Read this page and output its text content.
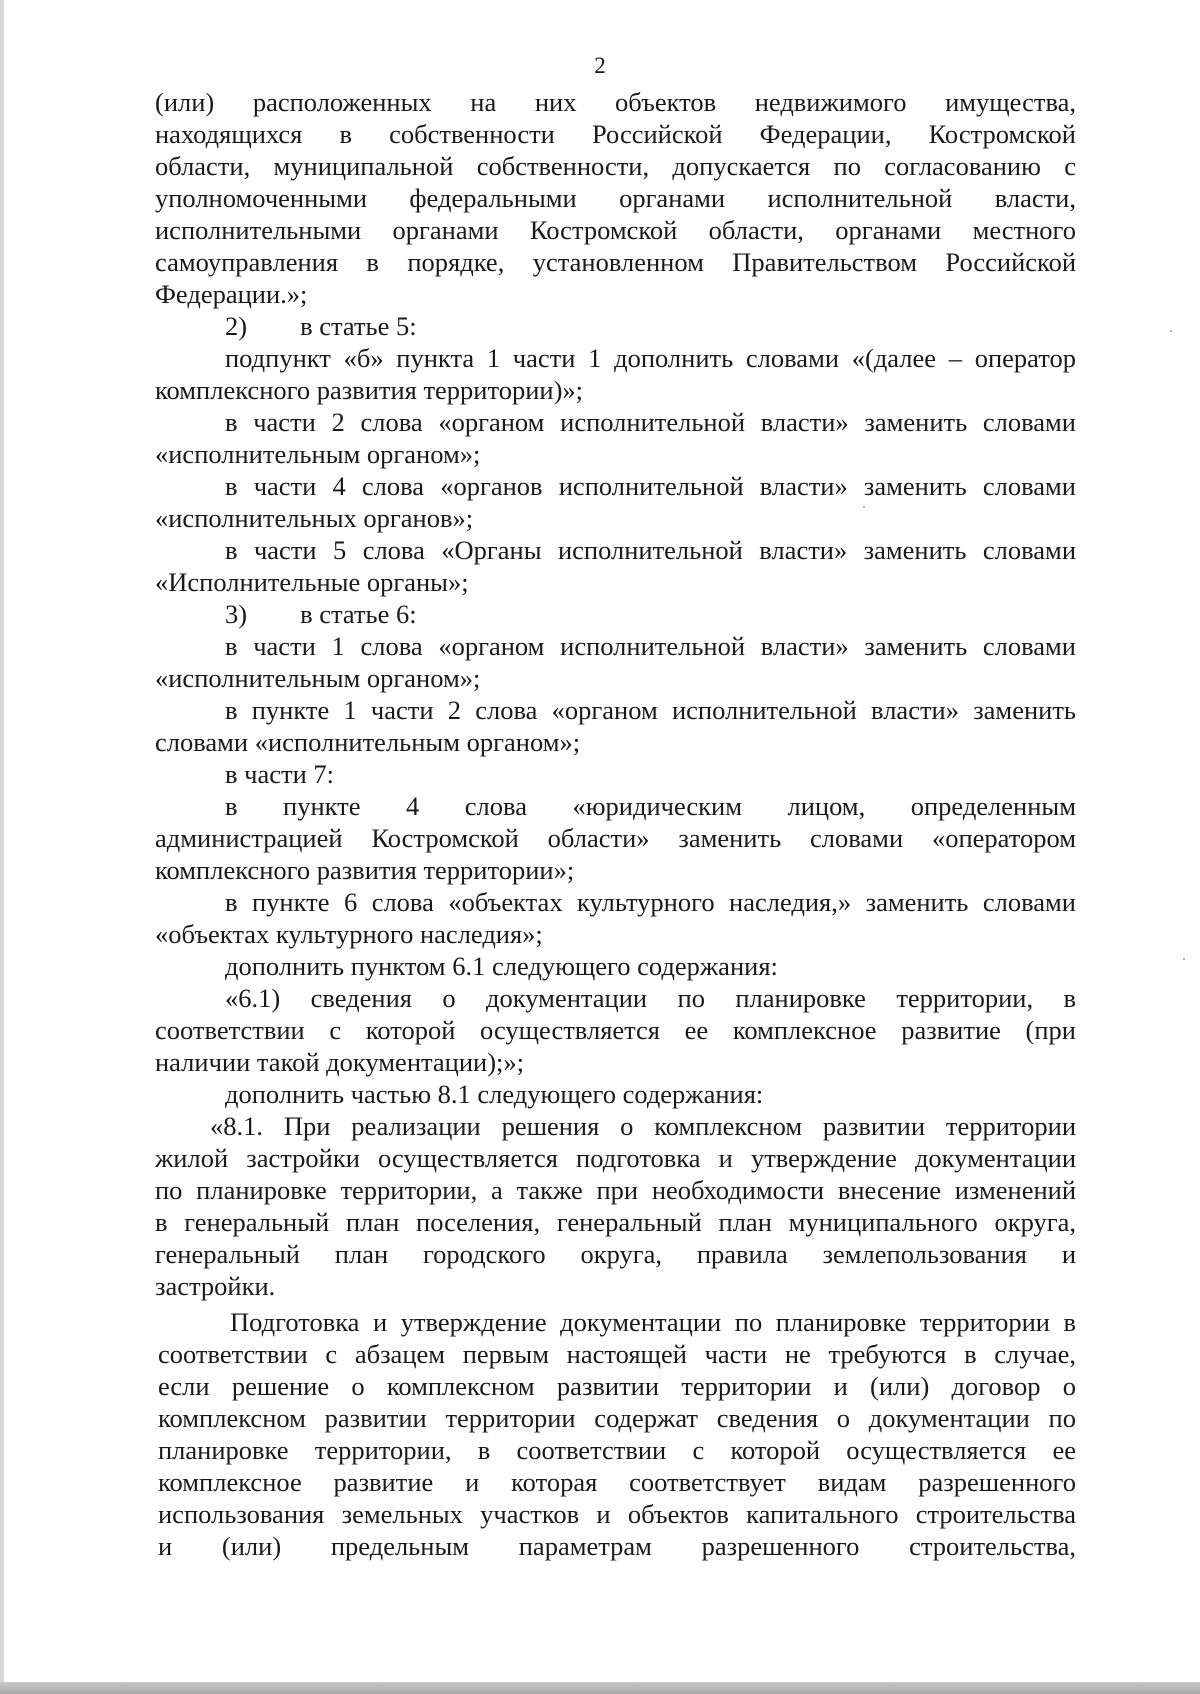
2
(или) расположенных на них объектов недвижимого имущества,
находящихся в собственности Российской Федерации, Костромской
области, муниципальной собственности, допускается по согласованию с
уполномоченными федеральными органами исполнительной власти,
исполнительными органами Костромской области, органами местного
самоуправления в порядке, установленном Правительством Российской
Федерации.»;
2)  в статье 5:
подпункт «б» пункта 1 части 1 дополнить словами «(далее – оператор
комплексного развития территории)»;
в части 2 слова «органом исполнительной власти» заменить словами
«исполнительным органом»;
в части 4 слова «органов исполнительной власти» заменить словами
«исполнительных органов»;
в части 5 слова «Органы исполнительной власти» заменить словами
«Исполнительные органы»;
3)  в статье 6:
в части 1 слова «органом исполнительной власти» заменить словами
«исполнительным органом»;
в пункте 1 части 2 слова «органом исполнительной власти» заменить
словами «исполнительным органом»;
в части 7:
в пункте 4 слова «юридическим лицом, определенным
администрацией Костромской области» заменить словами «оператором
комплексного развития территории»;
в пункте 6 слова «объектах культурного наследия,» заменить словами
«объектах культурного наследия»;
дополнить пунктом 6.1 следующего содержания:
«6.1) сведения о документации по планировке территории, в
соответствии с которой осуществляется ее комплексное развитие (при
наличии такой документации);»;
дополнить частью 8.1 следующего содержания:
«8.1. При реализации решения о комплексном развитии территории
жилой застройки осуществляется подготовка и утверждение документации
по планировке территории, а также при необходимости внесение изменений
в генеральный план поселения, генеральный план муниципального округа,
генеральный план городского округа, правила землепользования и
застройки.
Подготовка и утверждение документации по планировке территории в
соответствии с абзацем первым настоящей части не требуются в случае,
если решение о комплексном развитии территории и (или) договор о
комплексном развитии территории содержат сведения о документации по
планировке территории, в соответствии с которой осуществляется ее
комплексное развитие и которая соответствует видам разрешенного
использования земельных участков и объектов капитального строительства
и (или) предельным параметрам разрешенного строительства,
